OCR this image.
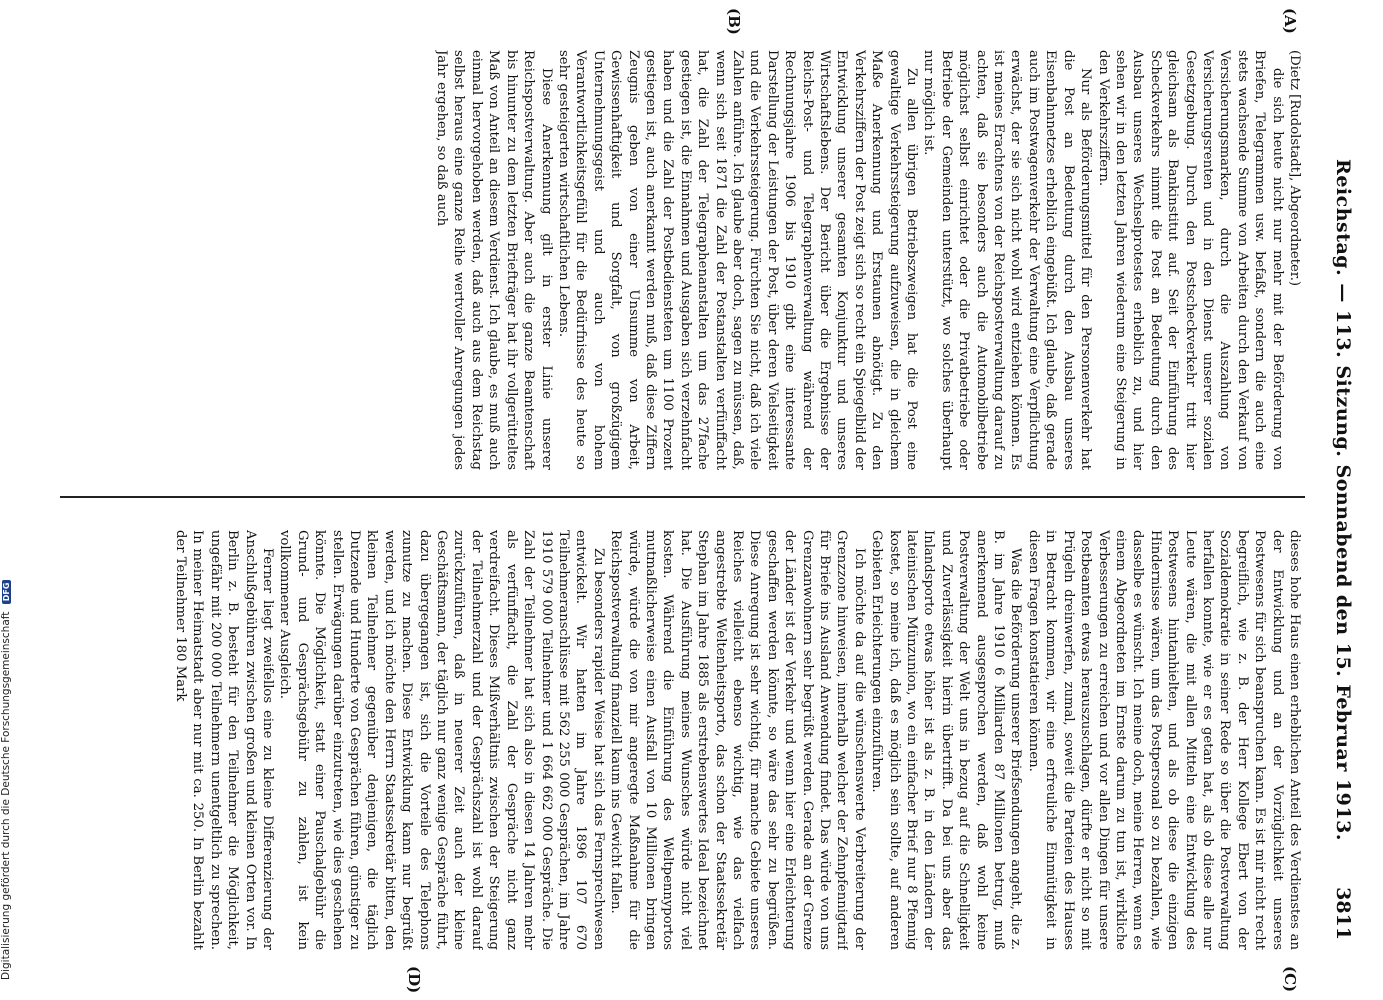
Reichstag. — 113. Sitzung. Sonnabend den 15. Februar 1913.
3811
(A)
(B)
(C)
(D)

(Dietz [Rudolstadt], Abgeordneter.)

die sich heute nicht nur mehr mit der Beförderung von Briefen, Telegrammen usw. befaßt, sondern die auch eine stets wachsende Summe von Arbeiten durch den Verkauf von Versicherungsmarken, durch die Auszahlung von Versicherungsrenten und in den Dienst unserer sozialen Gesetzgebung. Durch den Postscheckverkehr tritt hier gleichsam als Bankinstitut auf. Seit der Einführung des Scheckverkehrs nimmt die Post an Bedeutung durch den Ausbau unseres Wechselprotestes erheblich zu, und hier sehen wir in den letzten Jahren wiederum eine Steigerung in den Verkehrsziffern.

Nur als Beförderungsmittel für den Personenverkehr hat die Post an Bedeutung durch den Ausbau unseres Eisenbahnnetzes erheblich eingebüßt. Ich glaube, daß gerade auch im Postwagenverkehr der Verwaltung eine Verpflichtung erwächst, der sie sich nicht wohl wird entziehen können. Es ist meines Erachtens von der Reichspostverwaltung darauf zu achten, daß sie besonders auch die Automobilbetriebe möglichst selbst einrichtet oder die Privatbetriebe oder Betriebe der Gemeinden unterstützt, wo solches überhaupt nur möglich ist.

Zu allen übrigen Betriebszweigen hat die Post eine gewaltige Verkehrssteigerung aufzuweisen, die in gleichem Maße Anerkennung und Erstaunen abnötigt. Zu den Verkehrsziffern der Post zeigt sich so recht ein Spiegelbild der Entwicklung unserer gesamten Konjunktur und unseres Wirtschaftslebens. Der Bericht über die Ergebnisse der Reichs-Post- und Telegraphenverwaltung während der Rechnungsjahre 1906 bis 1910 gibt eine interessante Darstellung der Leistungen der Post, über deren Vielseitigkeit und die Verkehrssteigerung. Fürchten Sie nicht, daß ich viele Zahlen anführe. Ich glaube aber doch, sagen zu müssen, daß, wenn sich seit 1871 die Zahl der Postanstalten verfünffacht hat, die Zahl der Telegraphenanstalten um das 27fache gestiegen ist, die Einnahmen und Ausgaben sich verzehnfacht haben und die Zahl der Postbediensteten um 1100 Prozent gestiegen ist, auch anerkannt werden muß, daß diese Ziffern Zeugnis geben von einer Unsumme von Arbeit, Gewissenhaftigkeit und Sorgfalt, von großzügigem Unternehmungsgeist und auch von hohem Verantwortlichkeitsgefühl für die Bedürfnisse des heute so sehr gesteigerten wirtschaftlichen Lebens.

Diese Anerkennung gilt in erster Linie unserer Reichspostverwaltung. Aber auch die ganze Beamtenschaft bis hinunter zu dem letzten Briefträger hat ihr vollgerütteltes Maß von Anteil an diesem Verdienst. Ich glaube, es muß auch einmal hervorgehoben werden, daß auch aus dem Reichstag selbst heraus eine ganze Reihe wertvoller Anregungen jedes Jahr ergehen, so daß auch

dieses hohe Haus einen erheblichen Anteil des Verdienstes an der Entwicklung und an der Vorzüglichkeit unseres Postwesens für sich beanspruchen kann. Es ist mir nicht recht begreiflich, wie z. B. der Herr Kollege Ebert von der Sozialdemokratie in seiner Rede so über die Postverwaltung herfallen konnte, wie er es getan hat, als ob diese alle nur Leute wären, die mit allen Mitteln eine Entwicklung des Postwesens hintanhielten, und als ob diese die einzigen Hindernisse wären, um das Postpersonal so zu bezahlen, wie dasselbe es wünscht. Ich meine doch, meine Herren, wenn es einem Abgeordneten im Ernste darum zu tun ist, wirkliche Verbesserungen zu erreichen und vor allen Dingen für unsere Postbeamten etwas herauszuschlagen, dürfte er nicht so mit Prügeln dreinwerfen, zumal, soweit die Parteien des Hauses in Betracht kommen, wir eine erfreuliche Einmütigkeit in diesen Fragen konstatieren können.

Was die Beförderung unserer Briefsendungen angeht, die z. B. im Jahre 1910 6 Milliarden 87 Millionen betrug, muß anerkennend ausgesprochen werden, daß wohl keine Postverwaltung der Welt uns in bezug auf die Schnelligkeit und Zuverlässigkeit hierin übertrifft. Da bei uns aber das Inlandsporto etwas höher ist als z. B. in den Ländern der lateinischen Münzunion, wo ein einfacher Brief nur 8 Pfennig kostet, so meine ich, daß es möglich sein sollte, auf anderen Gebieten Erleichterungen einzuführen.

Ich möchte da auf die wünschenswerte Verbreiterung der Grenzzone hinweisen, innerhalb welcher der Zehnpfennigtarif für Briefe ins Ausland Anwendung findet. Das würde von uns Grenzanwohnern sehr begrüßt werden. Gerade an der Grenze der Länder ist der Verkehr und wenn hier eine Erleichterung geschaffen werden könnte, so wäre das sehr zu begrüßen. Diese Anregung ist sehr wichtig, für manche Gebiete unseres Reiches vielleicht ebenso wichtig, wie das vielfach angestrebte Weltenheitsporto, das schon der Staatssekretär Stephan im Jahre 1885 als erstrebenswertes Ideal bezeichnet hat. Die Ausführung meines Wunsches würde nicht viel kosten. Während die Einführung des Weltpennyportos mutmaßlicherweise einen Ausfall von 10 Millionen bringen würde, würde die von mir angeregte Maßnahme für die Reichspostverwaltung finanziell kaum ins Gewicht fallen.

Zu besonders rapider Weise hat sich das Fernsprechwesen entwickelt. Wir hatten im Jahre 1896 107 670 Teilnehmeranschlüsse mit 562 255 000 Gesprächen, im Jahre 1910 579 000 Teilnehmer und 1 664 662 000 Gespräche. Die Zahl der Teilnehmer hat sich also in diesen 14 Jahren mehr als verfünffacht, die Zahl der Gespräche nicht ganz verdreifacht. Dieses Mißverhältnis zwischen der Steigerung der Teilnehmerzahl und der Gesprächszahl ist wohl darauf zurückzuführen, daß in neuerer Zeit auch der kleine Geschäftsmann, der täglich nur ganz wenige Gespräche führt, dazu übergegangen ist, sich die Vorteile des Telephons zunutze zu machen. Diese Entwicklung kann nur begrüßt werden, und ich möchte den Herrn Staatssekretär bitten, den kleinen Teilnehmer gegenüber denjenigen, die täglich Dutzende und Hunderte von Gesprächen führen, günstiger zu stellen. Erwägungen darüber einzutreten, wie dies geschehen könnte. Die Möglichkeit, statt einer Pauschalgebühr die Grund- und Gesprächsgebühr zu zahlen, ist kein vollkommener Ausgleich.

Ferner liegt zweifellos eine zu kleine Differenzierung der Anschlußgebühren zwischen großen und kleinen Orten vor. In Berlin z. B. besteht für den Teilnehmer die Möglichkeit, ungefähr mit 200 000 Teilnehmern unentgeltlich zu sprechen. In meiner Heimatstadt aber nur mit ca. 250. In Berlin bezahlt der Teilnehmer 180 Mark

Digitalisierung gefördert durch die Deutsche Forschungsgemeinschaft DFG
